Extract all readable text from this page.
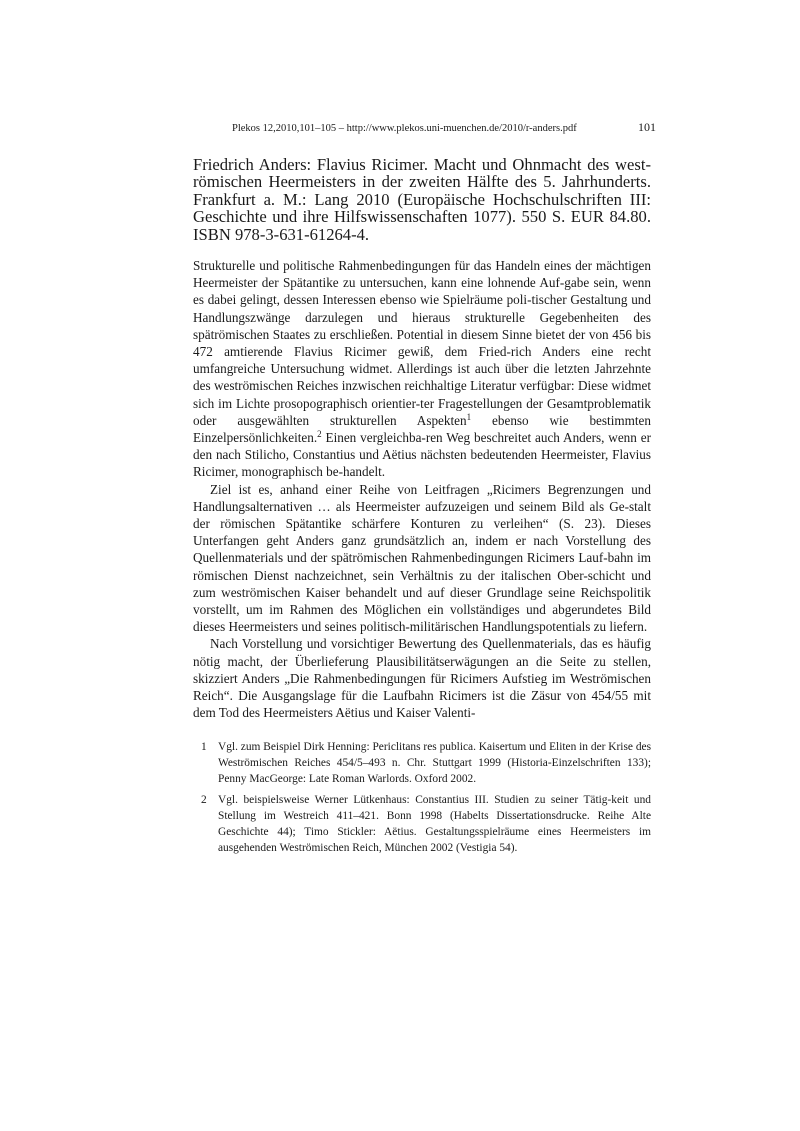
Plekos 12,2010,101–105 – http://www.plekos.uni-muenchen.de/2010/r-anders.pdf	101
Friedrich Anders: Flavius Ricimer. Macht und Ohnmacht des west-römischen Heermeisters in der zweiten Hälfte des 5. Jahrhunderts. Frankfurt a. M.: Lang 2010 (Europäische Hochschulschriften III: Geschichte und ihre Hilfswissenschaften 1077). 550 S. EUR 84.80. ISBN 978-3-631-61264-4.

Strukturelle und politische Rahmenbedingungen für das Handeln eines der mächtigen Heermeister der Spätantike zu untersuchen, kann eine lohnende Auf-gabe sein, wenn es dabei gelingt, dessen Interessen ebenso wie Spielräume poli-tischer Gestaltung und Handlungszwänge darzulegen und hieraus strukturelle Gegebenheiten des spätrömischen Staates zu erschließen. Potential in diesem Sinne bietet der von 456 bis 472 amtierende Flavius Ricimer gewiß, dem Fried-rich Anders eine recht umfangreiche Untersuchung widmet. Allerdings ist auch über die letzten Jahrzehnte des weströmischen Reiches inzwischen reichhaltige Literatur verfügbar: Diese widmet sich im Lichte prosopographisch orientier-ter Fragestellungen der Gesamtproblematik oder ausgewählten strukturellen Aspekten$^1$ ebenso wie bestimmten Einzelpersönlichkeiten.$^2$ Einen vergleichba-ren Weg beschreitet auch Anders, wenn er den nach Stilicho, Constantius und Aëtius nächsten bedeutenden Heermeister, Flavius Ricimer, monographisch be-handelt.

Ziel ist es, anhand einer Reihe von Leitfragen „Ricimers Begrenzungen und Handlungsalternativen … als Heermeister aufzuzeigen und seinem Bild als Ge-stalt der römischen Spätantike schärfere Konturen zu verleihen“ (S. 23). Dieses Unterfangen geht Anders ganz grundsätzlich an, indem er nach Vorstellung des Quellenmaterials und der spätrömischen Rahmenbedingungen Ricimers Lauf-bahn im römischen Dienst nachzeichnet, sein Verhältnis zu der italischen Ober-schicht und zum weströmischen Kaiser behandelt und auf dieser Grundlage seine Reichspolitik vorstellt, um im Rahmen des Möglichen ein vollständiges und abgerundetes Bild dieses Heermeisters und seines politisch-militärischen Handlungspotentials zu liefern.

Nach Vorstellung und vorsichtiger Bewertung des Quellenmaterials, das es häufig nötig macht, der Überlieferung Plausibilitätserwägungen an die Seite zu stellen, skizziert Anders „Die Rahmenbedingungen für Ricimers Aufstieg im Weströmischen Reich“. Die Ausgangslage für die Laufbahn Ricimers ist die Zäsur von 454/55 mit dem Tod des Heermeisters Aëtius und Kaiser Valenti-

1 Vgl. zum Beispiel Dirk Henning: Periclitans res publica. Kaisertum und Eliten in der Krise des Weströmischen Reiches 454/5–493 n. Chr. Stuttgart 1999 (Historia-Einzelschriften 133); Penny MacGeorge: Late Roman Warlords. Oxford 2002.
2 Vgl. beispielsweise Werner Lütkenhaus: Constantius III. Studien zu seiner Tätig-keit und Stellung im Westreich 411–421. Bonn 1998 (Habelts Dissertationsdrucke. Reihe Alte Geschichte 44); Timo Stickler: Aëtius. Gestaltungsspielräume eines Heermeisters im ausgehenden Weströmischen Reich, München 2002 (Vestigia 54).
